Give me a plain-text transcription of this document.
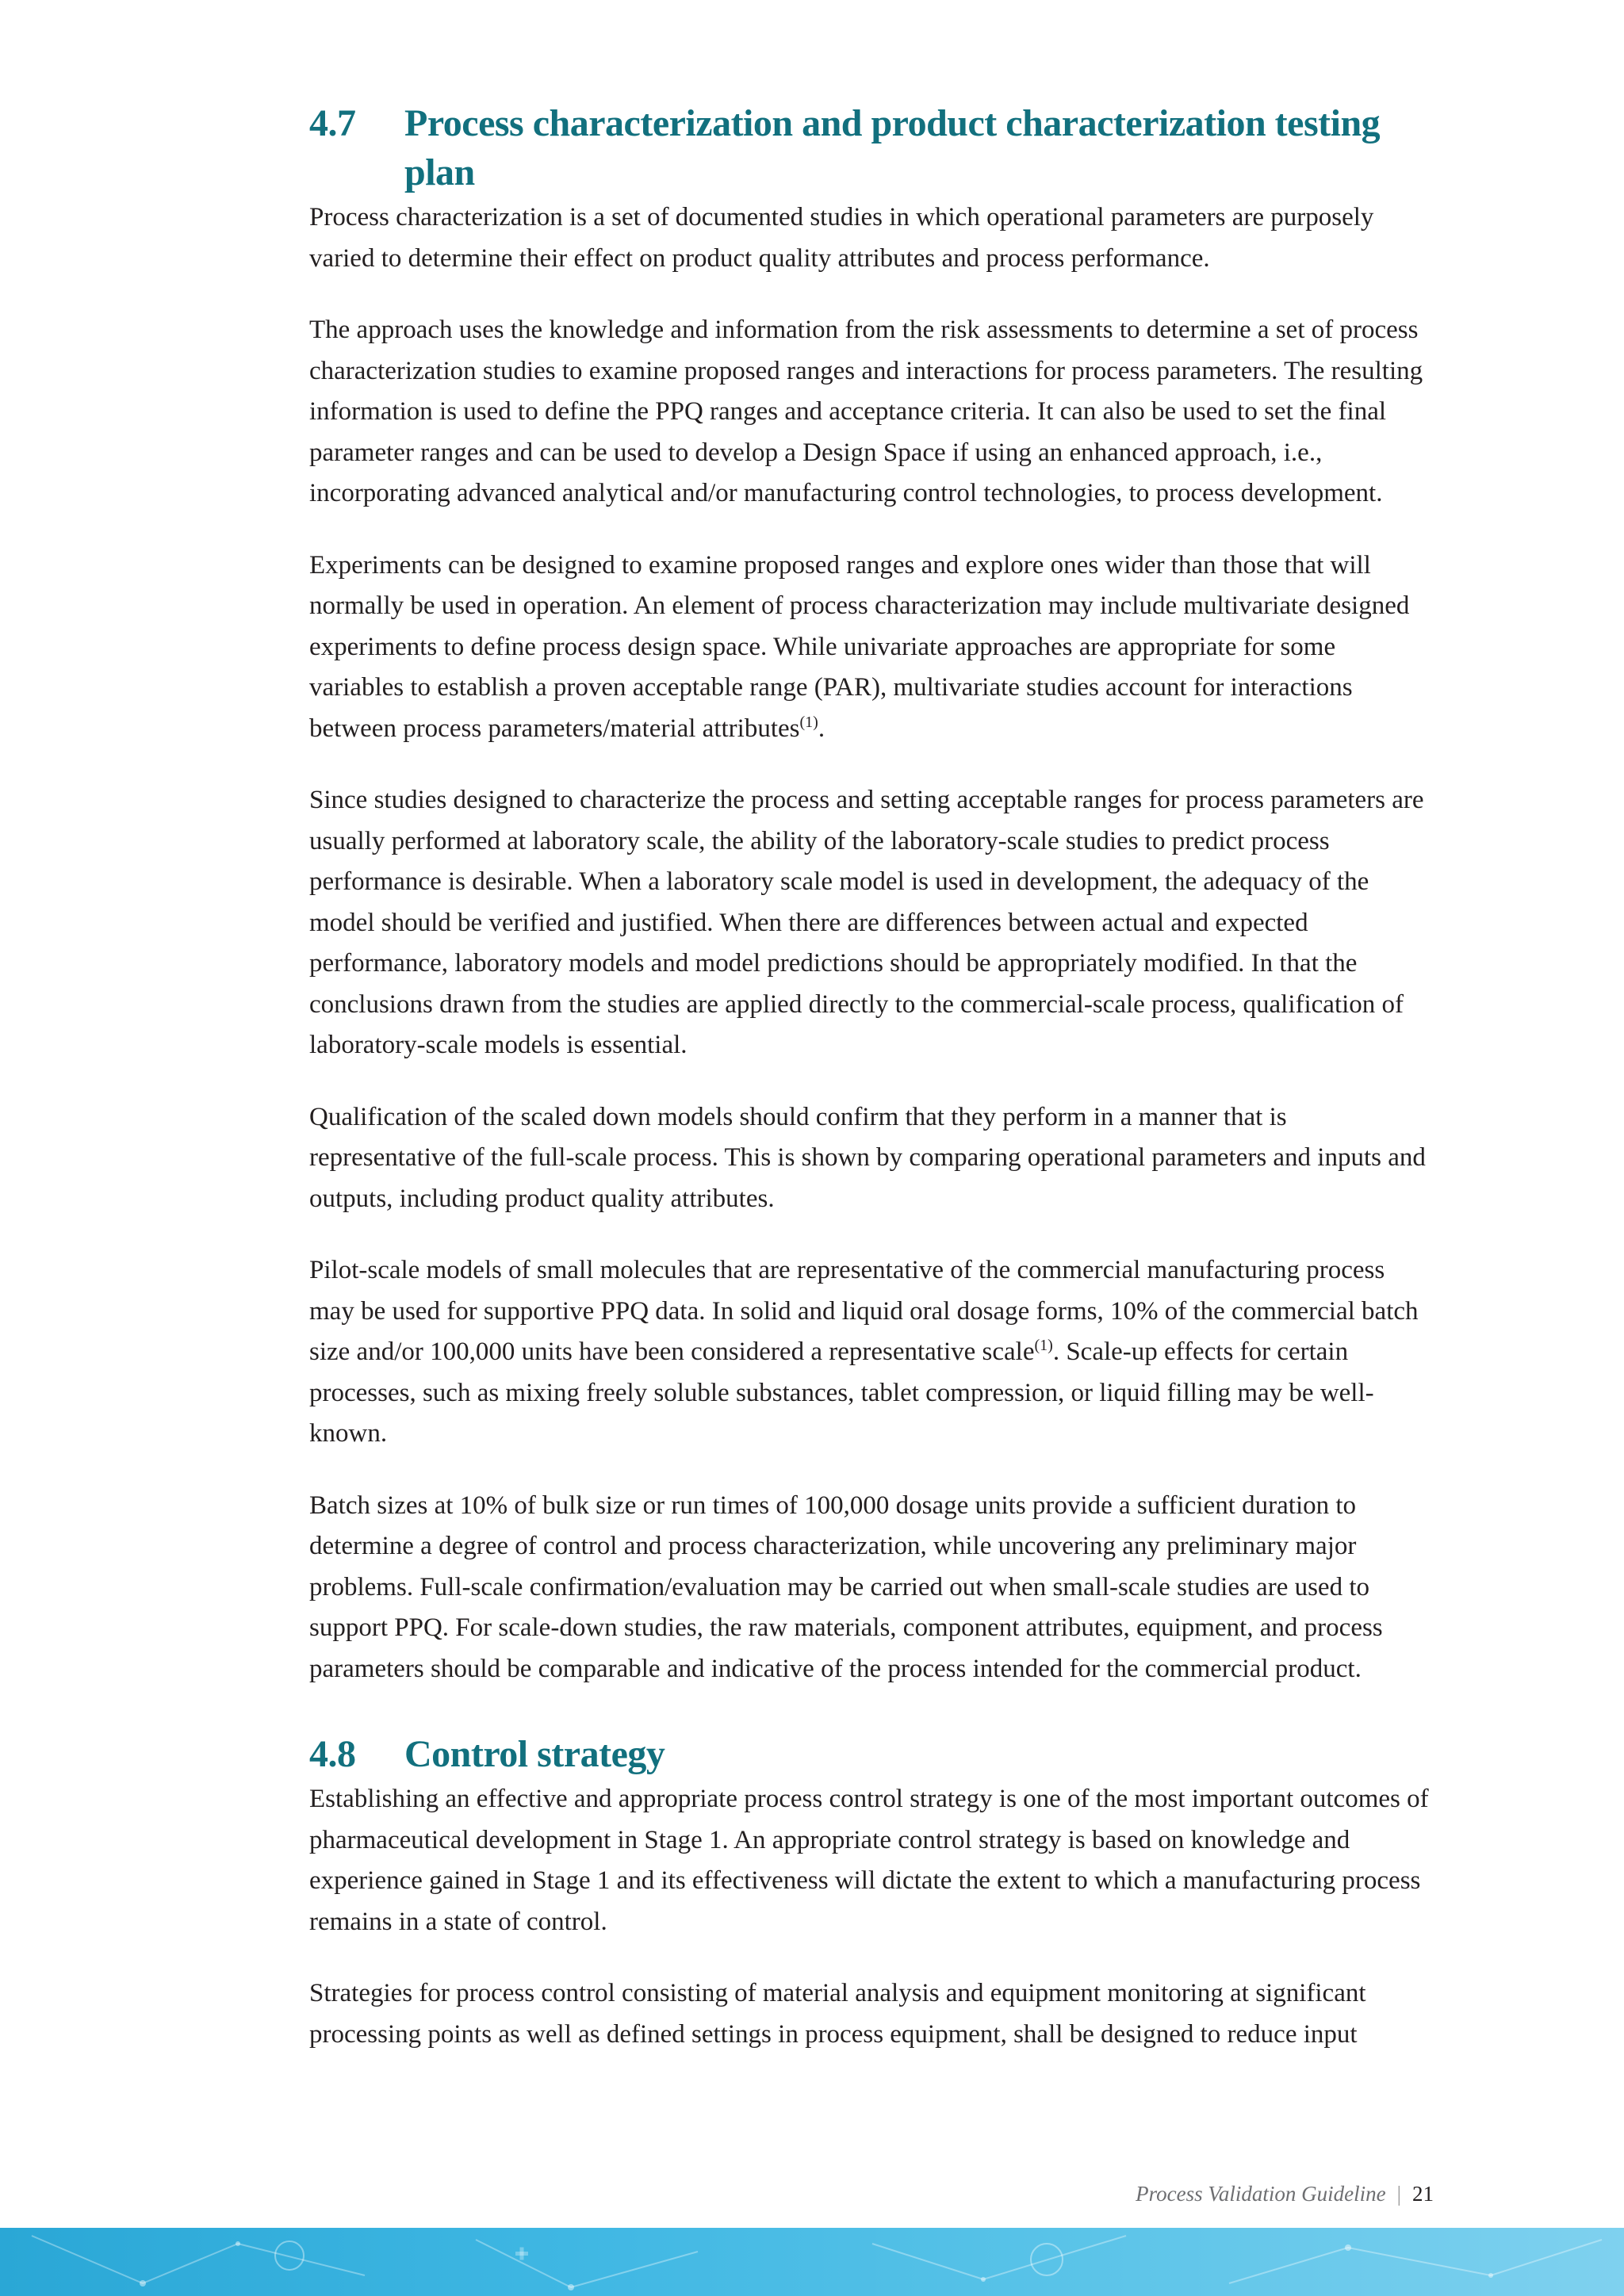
4.7	Process characterization and product characterization testing plan

Process characterization is a set of documented studies in which operational parameters are purposely varied to determine their effect on product quality attributes and process performance.

The approach uses the knowledge and information from the risk assessments to determine a set of process characterization studies to examine proposed ranges and interactions for process parameters. The resulting information is used to define the PPQ ranges and acceptance criteria. It can also be used to set the final parameter ranges and can be used to develop a Design Space if using an enhanced approach, i.e., incorporating advanced analytical and/or manufacturing control technologies, to process development.

Experiments can be designed to examine proposed ranges and explore ones wider than those that will normally be used in operation. An element of process characterization may include multivariate designed experiments to define process design space. While univariate approaches are appropriate for some variables to establish a proven acceptable range (PAR), multivariate studies account for interactions between process parameters/material attributes$^{(1)}$.

Since studies designed to characterize the process and setting acceptable ranges for process parameters are usually performed at laboratory scale, the ability of the laboratory-scale studies to predict process performance is desirable. When a laboratory scale model is used in development, the adequacy of the model should be verified and justified. When there are differences between actual and expected performance, laboratory models and model predictions should be appropriately modified. In that the conclusions drawn from the studies are applied directly to the commercial-scale process, qualification of laboratory-scale models is essential.

Qualification of the scaled down models should confirm that they perform in a manner that is representative of the full-scale process. This is shown by comparing operational parameters and inputs and outputs, including product quality attributes.

Pilot-scale models of small molecules that are representative of the commercial manufacturing process may be used for supportive PPQ data. In solid and liquid oral dosage forms, 10% of the commercial batch size and/or 100,000 units have been considered a representative scale$^{(1)}$. Scale-up effects for certain processes, such as mixing freely soluble substances, tablet compression, or liquid filling may be well-known.

Batch sizes at 10% of bulk size or run times of 100,000 dosage units provide a sufficient duration to determine a degree of control and process characterization, while uncovering any preliminary major problems. Full-scale confirmation/evaluation may be carried out when small-scale studies are used to support PPQ. For scale-down studies, the raw materials, component attributes, equipment, and process parameters should be comparable and indicative of the process intended for the commercial product.

4.8	Control strategy

Establishing an effective and appropriate process control strategy is one of the most important outcomes of pharmaceutical development in Stage 1. An appropriate control strategy is based on knowledge and experience gained in Stage 1 and its effectiveness will dictate the extent to which a manufacturing process remains in a state of control.

Strategies for process control consisting of material analysis and equipment monitoring at significant processing points as well as defined settings in process equipment, shall be designed to reduce input

Process Validation Guideline | 21
